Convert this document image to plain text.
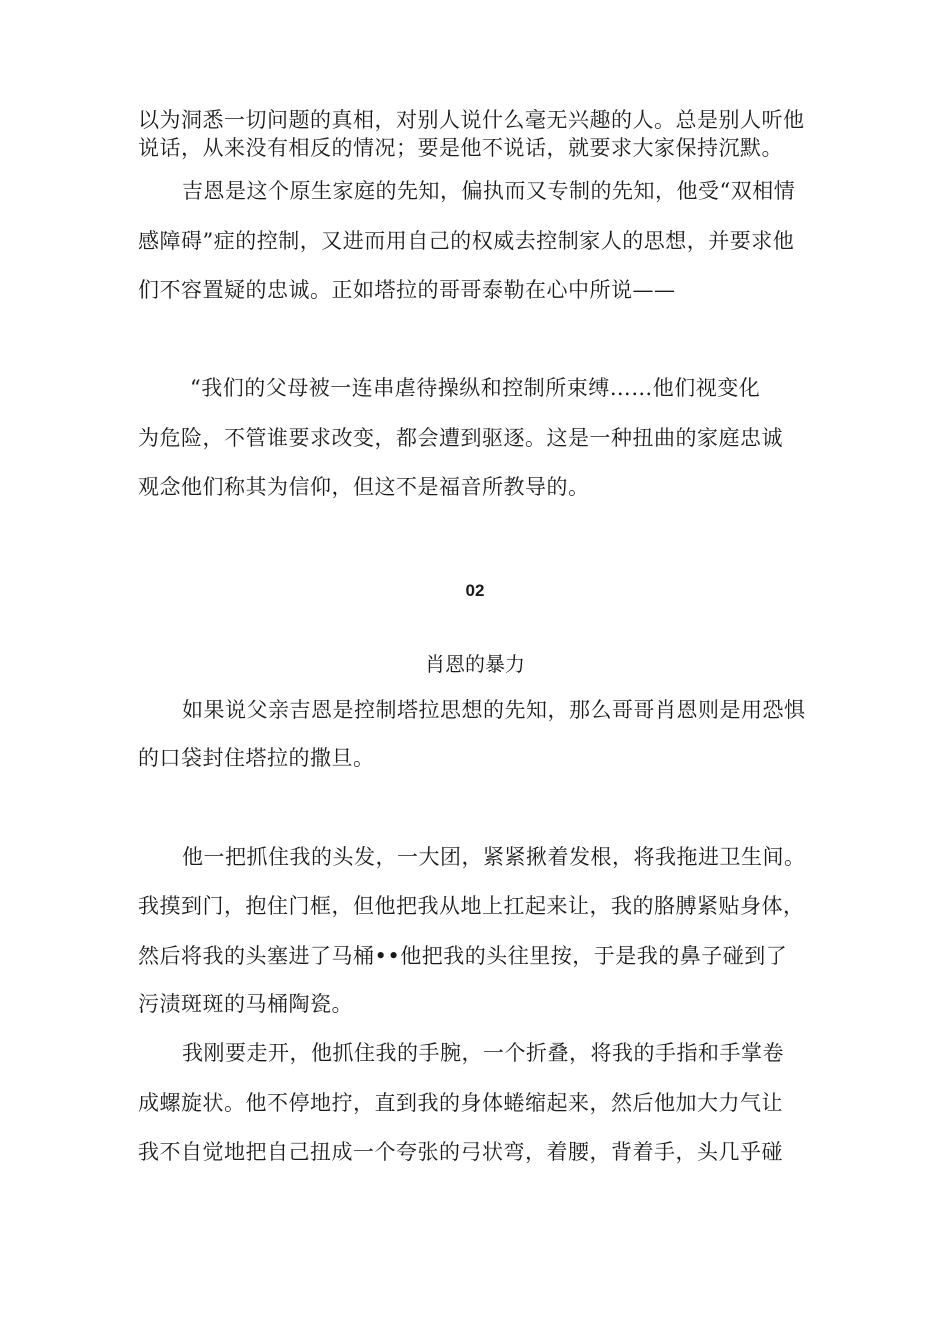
以为洞悉一切问题的真相，对别人说什么毫无兴趣的人。总是别人听他
说话，从来没有相反的情况；要是他不说话，就要求大家保持沉默。
吉恩是这个原生家庭的先知，偏执而又专制的先知，他受“双相情
感障碍”症的控制，又进而用自己的权威去控制家人的思想，并要求他
们不容置疑的忠诚。正如塔拉的哥哥泰勒在心中所说——
“我们的父母被一连串虐待操纵和控制所束缚……他们视变化
为危险，不管谁要求改变，都会遭到驱逐。这是一种扭曲的家庭忠诚
观念他们称其为信仰，但这不是福音所教导的。
02
肖恩的暴力
如果说父亲吉恩是控制塔拉思想的先知，那么哥哥肖恩则是用恐惧
的口袋封住塔拉的撒旦。
他一把抓住我的头发，一大团，紧紧揪着发根，将我拖进卫生间。
我摸到门，抱住门框，但他把我从地上扛起来让，我的胳膊紧贴身体，
然后将我的头塞进了马桶••他把我的头往里按，于是我的鼻子碰到了
污渍斑斑的马桶陶瓷。
我刚要走开，他抓住我的手腕，一个折叠，将我的手指和手掌卷
成螺旋状。他不停地拧，直到我的身体蜷缩起来，然后他加大力气让
我不自觉地把自己扭成一个夸张的弓状弯，着腰，背着手，头几乎碰
